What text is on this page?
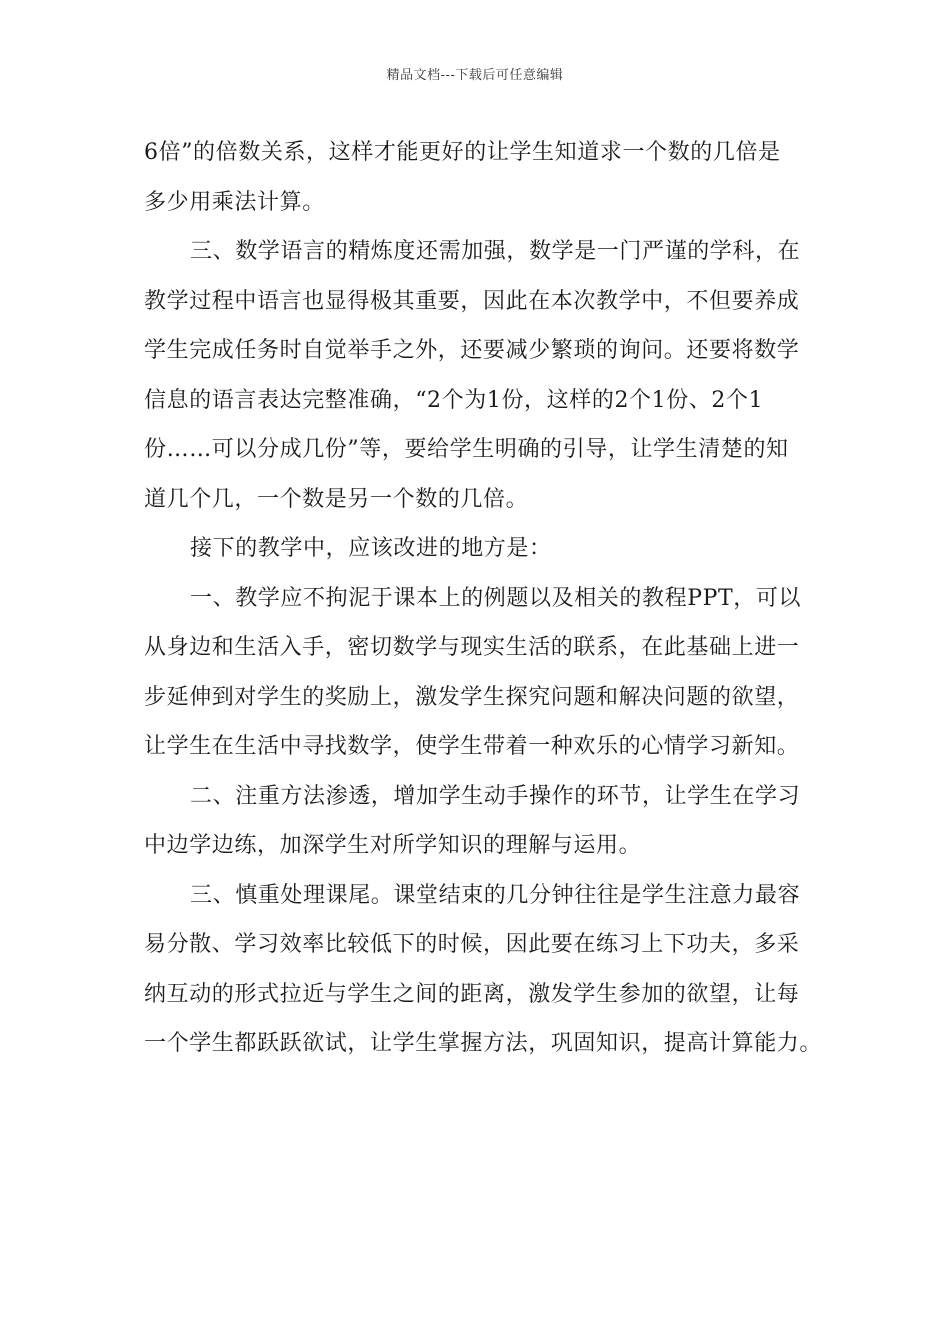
精品文档---下载后可任意编辑
6倍”的倍数关系，这样才能更好的让学生知道求一个数的几倍是
多少用乘法计算。
三、数学语言的精炼度还需加强，数学是一门严谨的学科，在
教学过程中语言也显得极其重要，因此在本次教学中，不但要养成
学生完成任务时自觉举手之外，还要减少繁琐的询问。还要将数学
信息的语言表达完整准确，“2个为1份，这样的2个1份、2个1
份……可以分成几份”等，要给学生明确的引导，让学生清楚的知
道几个几，一个数是另一个数的几倍。
接下的教学中，应该改进的地方是：
一、教学应不拘泥于课本上的例题以及相关的教程PPT，可以
从身边和生活入手，密切数学与现实生活的联系，在此基础上进一
步延伸到对学生的奖励上，激发学生探究问题和解决问题的欲望，
让学生在生活中寻找数学，使学生带着一种欢乐的心情学习新知。
二、注重方法渗透，增加学生动手操作的环节，让学生在学习
中边学边练，加深学生对所学知识的理解与运用。
三、慎重处理课尾。课堂结束的几分钟往往是学生注意力最容
易分散、学习效率比较低下的时候，因此要在练习上下功夫，多采
纳互动的形式拉近与学生之间的距离，激发学生参加的欲望，让每
一个学生都跃跃欲试，让学生掌握方法，巩固知识，提高计算能力。
